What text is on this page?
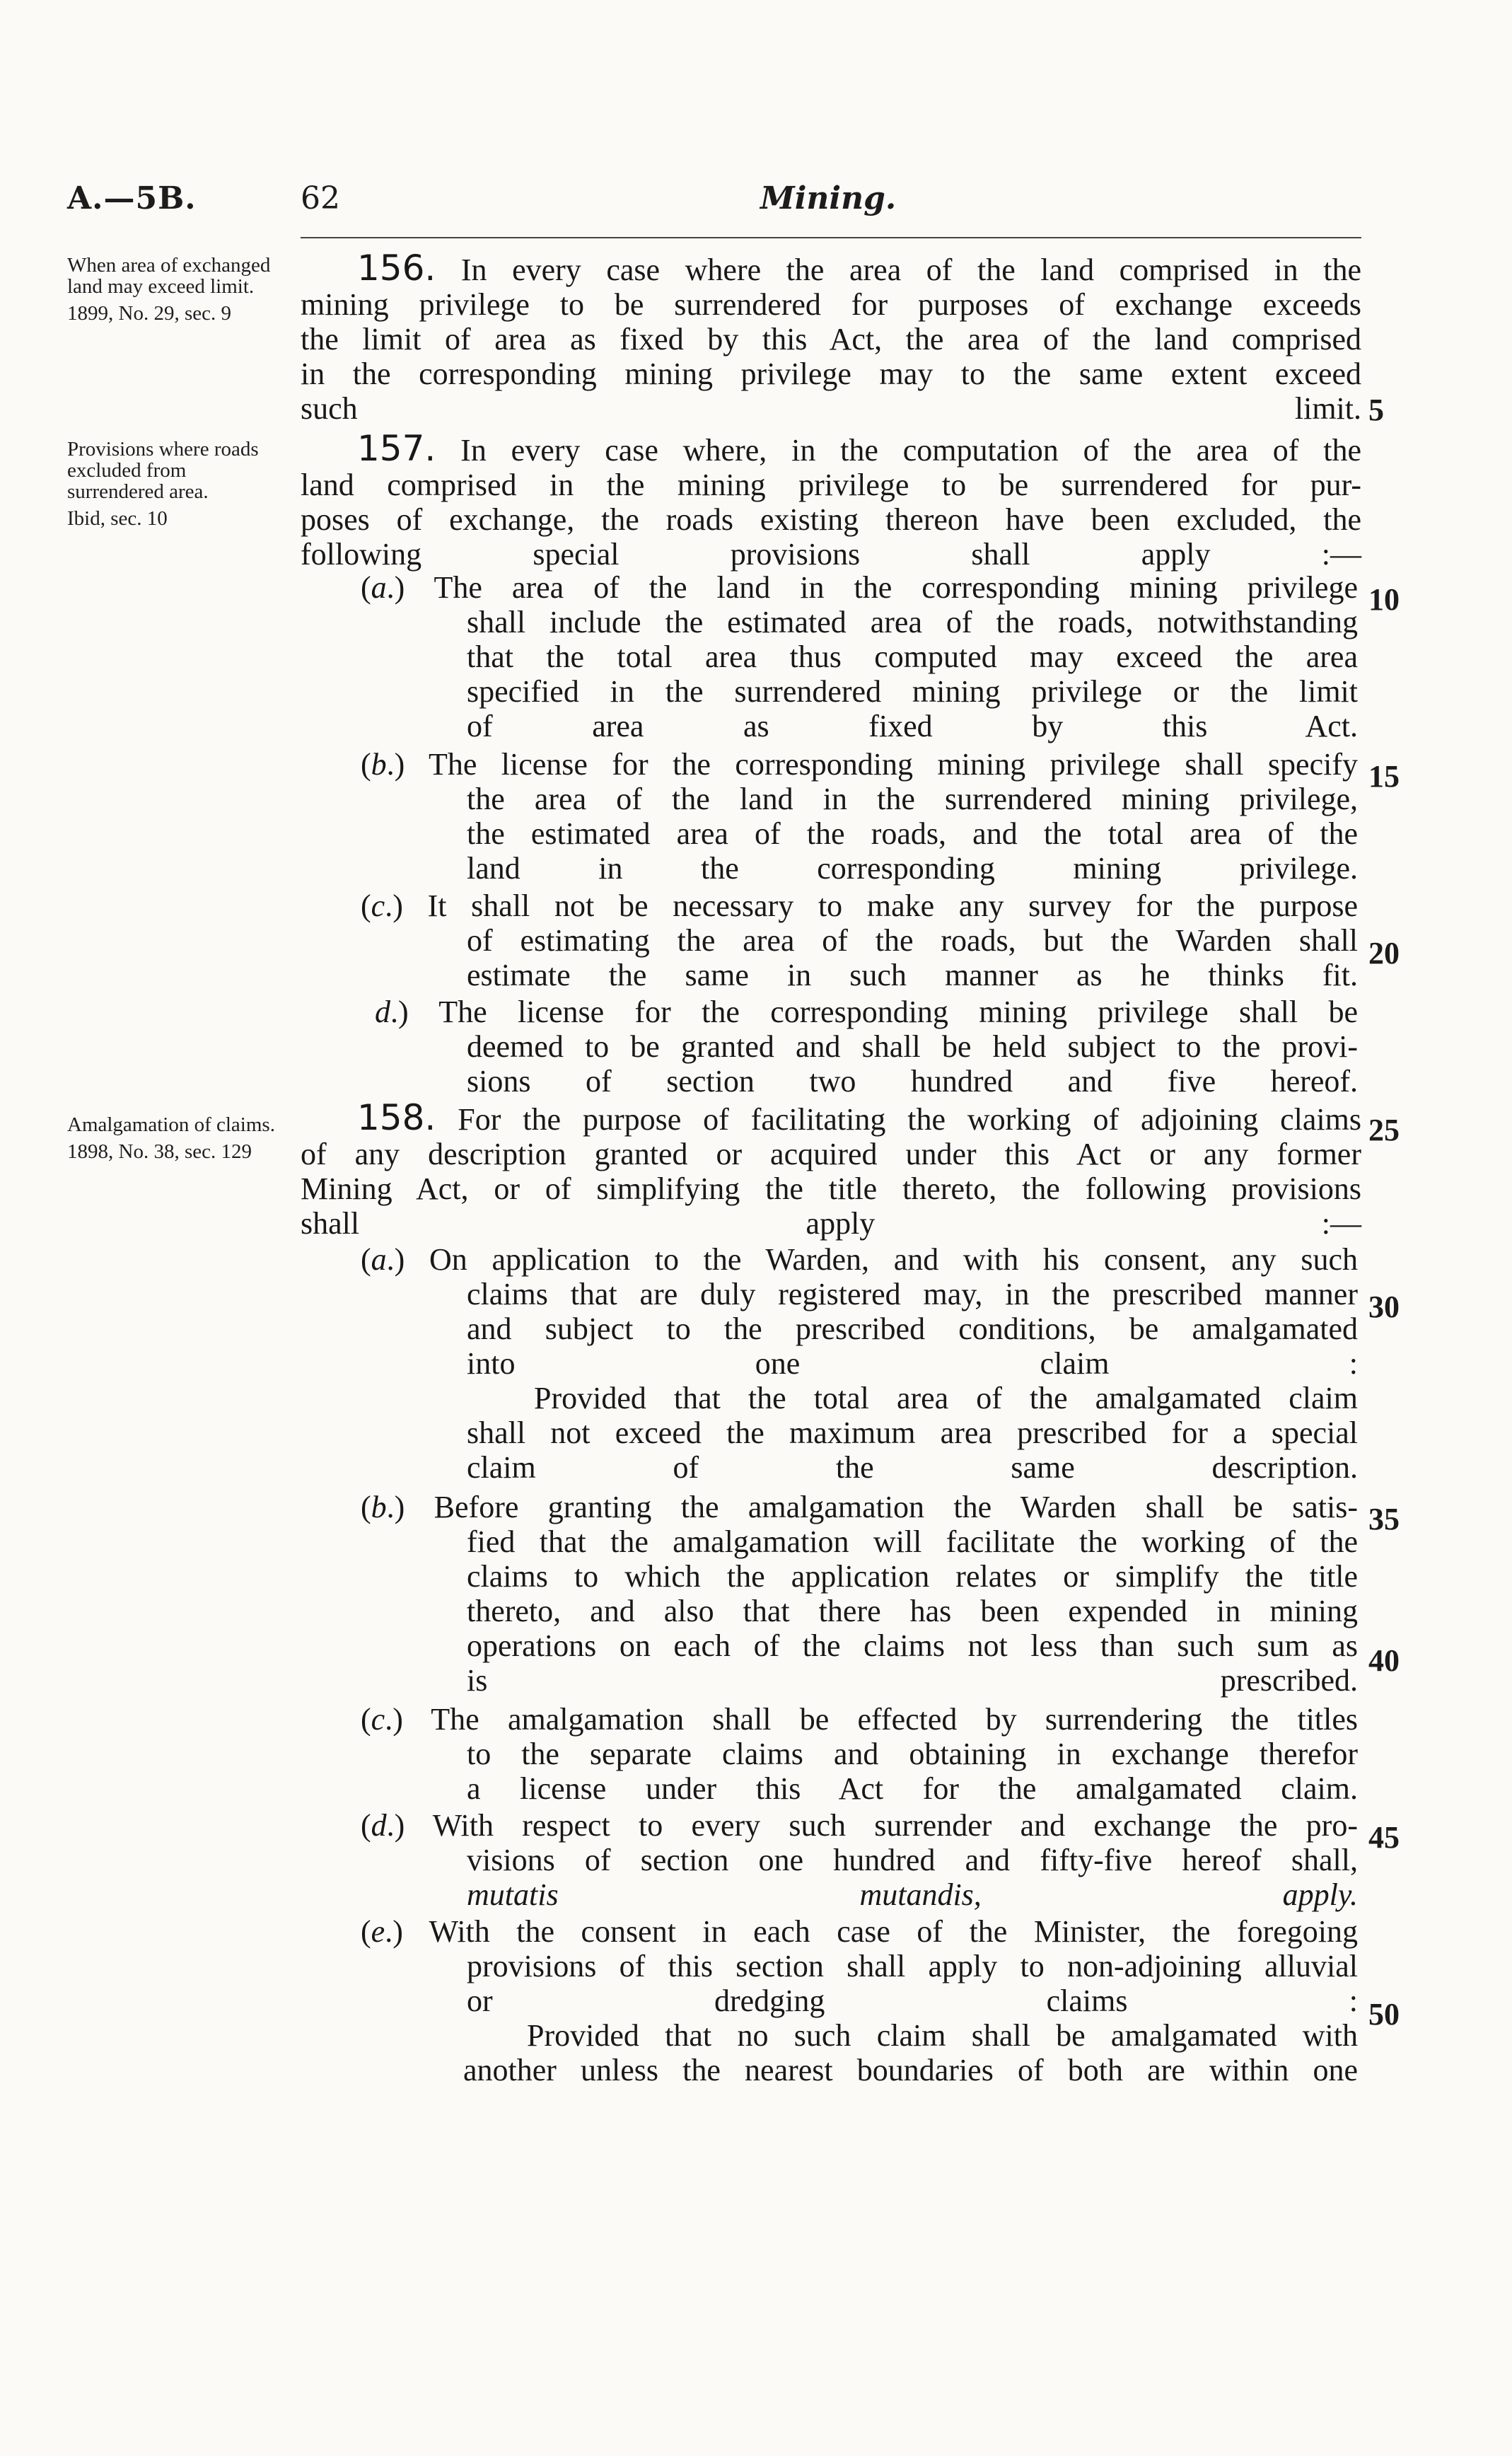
A.—5B.	62	Mining.
When area of exchanged land may exceed limit.
1899, No. 29, sec. 9
Provisions where roads excluded from surrendered area.
Ibid, sec. 10
Amalgamation of claims.
1898, No. 38, sec. 129
5
10
15
20
25
30
35
40
45
50
156. In every case where the area of the land comprised in the
mining privilege to be surrendered for purposes of exchange exceeds
the limit of area as fixed by this Act, the area of the land comprised
in the corresponding mining privilege may to the same extent exceed
such limit.
157. In every case where, in the computation of the area of the
land comprised in the mining privilege to be surrendered for pur-
poses of exchange, the roads existing thereon have been excluded, the
following special provisions shall apply :—
(a.) The area of the land in the corresponding mining privilege
shall include the estimated area of the roads, notwithstanding
that the total area thus computed may exceed the area
specified in the surrendered mining privilege or the limit
of area as fixed by this Act.
(b.) The license for the corresponding mining privilege shall specify
the area of the land in the surrendered mining privilege,
the estimated area of the roads, and the total area of the
land in the corresponding mining privilege.
(c.) It shall not be necessary to make any survey for the purpose
of estimating the area of the roads, but the Warden shall
estimate the same in such manner as he thinks fit.
d.) The license for the corresponding mining privilege shall be
deemed to be granted and shall be held subject to the provi-
sions of section two hundred and five hereof.
158. For the purpose of facilitating the working of adjoining claims
of any description granted or acquired under this Act or any former
Mining Act, or of simplifying the title thereto, the following provisions
shall apply :—
(a.) On application to the Warden, and with his consent, any such
claims that are duly registered may, in the prescribed manner
and subject to the prescribed conditions, be amalgamated
into one claim :
Provided that the total area of the amalgamated claim
shall not exceed the maximum area prescribed for a special
claim of the same description.
(b.) Before granting the amalgamation the Warden shall be satis-
fied that the amalgamation will facilitate the working of the
claims to which the application relates or simplify the title
thereto, and also that there has been expended in mining
operations on each of the claims not less than such sum as
is prescribed.
(c.) The amalgamation shall be effected by surrendering the titles
to the separate claims and obtaining in exchange therefor
a license under this Act for the amalgamated claim.
(d.) With respect to every such surrender and exchange the pro-
visions of section one hundred and fifty-five hereof shall,
mutatis mutandis, apply.
(e.) With the consent in each case of the Minister, the foregoing
provisions of this section shall apply to non-adjoining alluvial
or dredging claims :
Provided that no such claim shall be amalgamated with
another unless the nearest boundaries of both are within one
